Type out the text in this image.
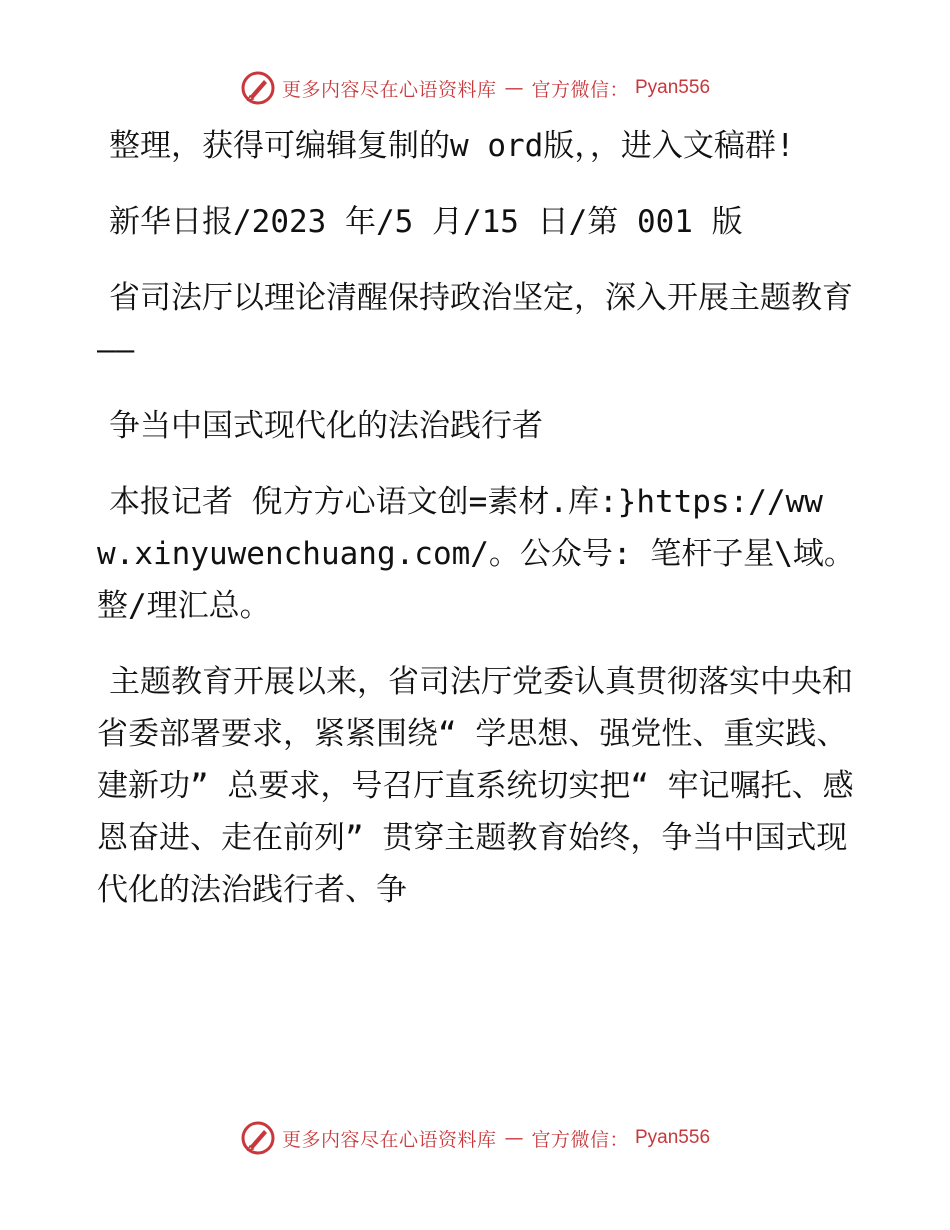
更多内容尽在心语资料库 — 官方微信： Pyan556

整理，获得可编辑复制的w ord版，，进入文稿群!

新华日报/2023 年/5 月/15 日/第 001 版

省司法厅以理论清醒保持政治坚定，深入开展主题教育——

争当中国式现代化的法治践行者

本报记者 倪方方心语文创=素材.库:}https://www.xinyuwenchuang.com/。公众号: 笔杆子星\域。整/理汇总。

主题教育开展以来，省司法厅党委认真贯彻落实中央和省委部署要求，紧紧围绕“ 学思想、强党性、重实践、建新功” 总要求，号召厅直系统切实把“ 牢记嘱托、感恩奋进、走在前列” 贯穿主题教育始终，争当中国式现代化的法治践行者、争

更多内容尽在心语资料库 — 官方微信： Pyan556
